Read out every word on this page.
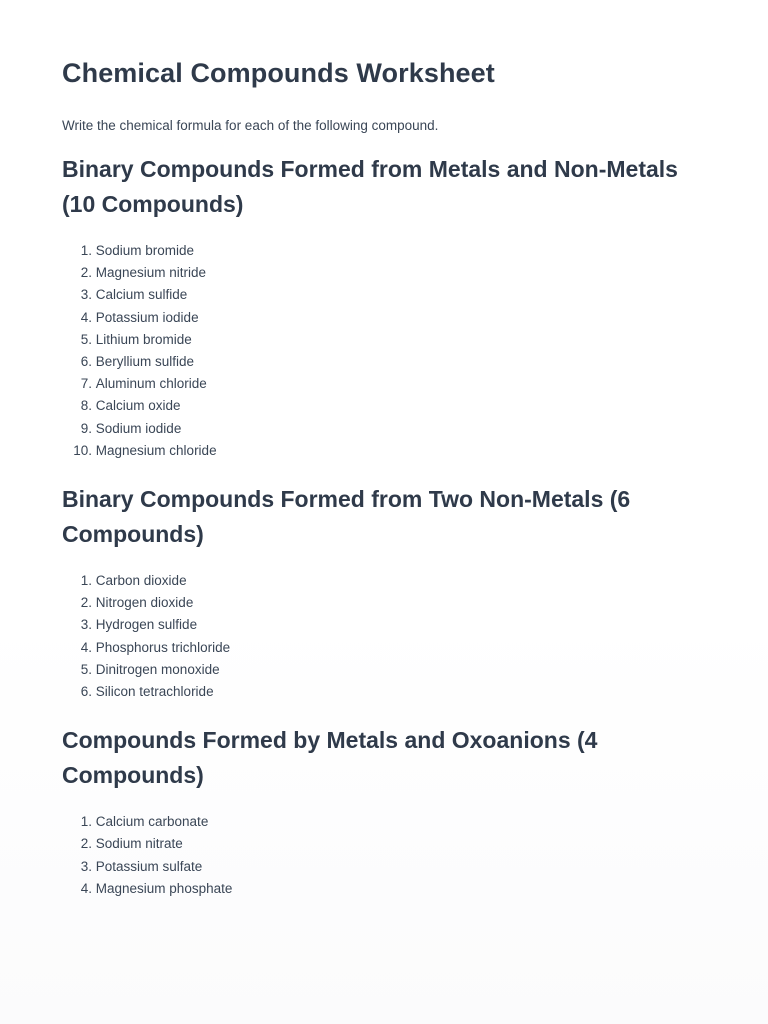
Chemical Compounds Worksheet

Write the chemical formula for each of the following compound.

Binary Compounds Formed from Metals and Non-Metals (10 Compounds)
1.
Sodium bromide
2.
Magnesium nitride
3.
Calcium sulfide
4.
Potassium iodide
5.
Lithium bromide
6.
Beryllium sulfide
7.
Aluminum chloride
8.
Calcium oxide
9.
Sodium iodide
10.
Magnesium chloride
Binary Compounds Formed from Two Non-Metals (6 Compounds)
1.
Carbon dioxide
2.
Nitrogen dioxide
3.
Hydrogen sulfide
4.
Phosphorus trichloride
5.
Dinitrogen monoxide
6.
Silicon tetrachloride
Compounds Formed by Metals and Oxoanions (4 Compounds)
1.
Calcium carbonate
2.
Sodium nitrate
3.
Potassium sulfate
4.
Magnesium phosphate
